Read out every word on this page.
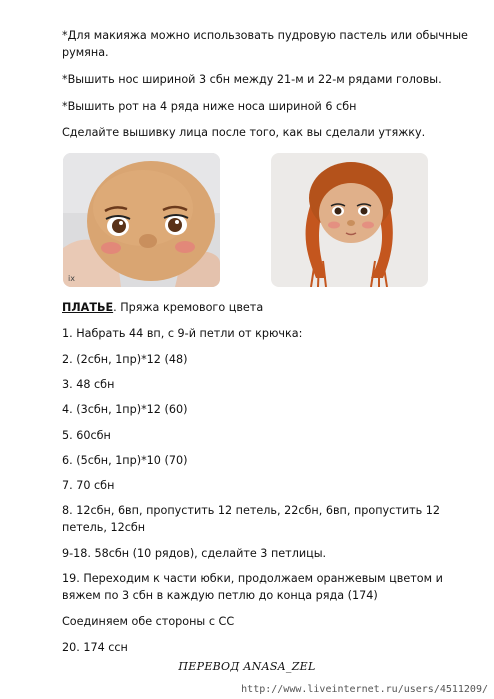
*Для макияжа можно использовать пудровую пастель или обычные
румяна.
*Вышить нос шириной 3 сбн между 21-м и 22-м рядами головы.
*Вышить рот на 4 ряда ниже носа шириной 6 сбн
Сделайте вышивку лица после того, как вы сделали утяжку.
ix
ПЛАТЬЕ. Пряжа кремового цвета
1. Набрать 44 вп, с 9-й петли от крючка:
2. (2сбн, 1пр)*12 (48)
3. 48 сбн
4. (3сбн, 1пр)*12 (60)
5. 60сбн
6. (5сбн, 1пр)*10 (70)
7. 70 сбн
8. 12сбн, 6вп, пропустить 12 петель, 22сбн, 6вп, пропустить 12
петель, 12сбн
9-18. 58сбн (10 рядов), сделайте 3 петлицы.
19. Переходим к части юбки, продолжаем оранжевым цветом и
вяжем по 3 сбн в каждую петлю до конца ряда (174)
Соединяем обе стороны с СС
20. 174 ссн
ПЕРЕВОД ANASA_ZEL
http://www.liveinternet.ru/users/4511209/
